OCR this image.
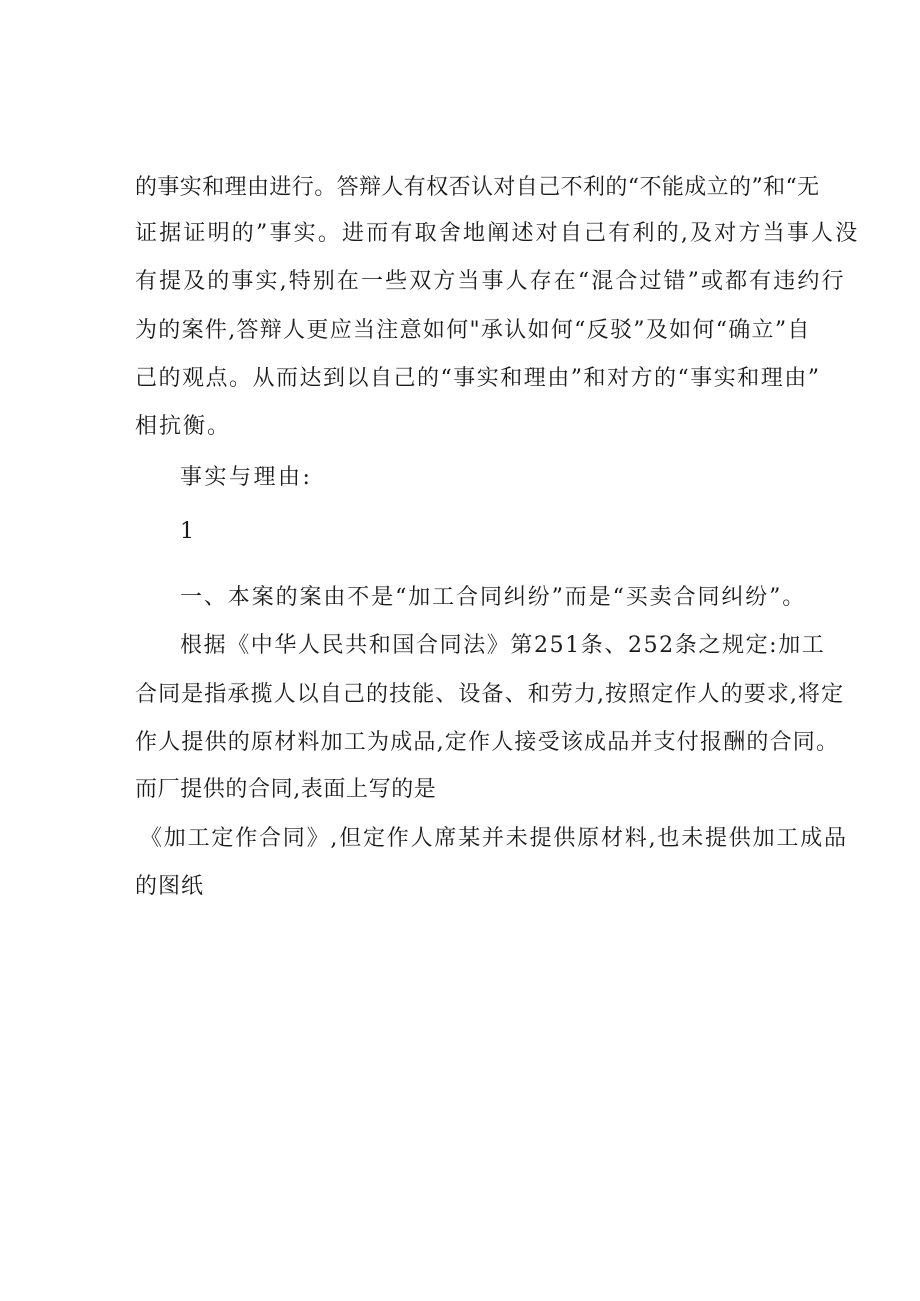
的事实和理由进行。答辩人有权否认对自己不利的“不能成立的”和“无
证据证明的”事实。进而有取舍地阐述对自己有利的,及对方当事人没
有提及的事实,特别在一些双方当事人存在“混合过错”或都有违约行
为的案件,答辩人更应当注意如何"承认如何“反驳”及如何“确立”自
己的观点。从而达到以自己的“事实和理由”和对方的“事实和理由”
相抗衡。
事实与理由:
1
一、本案的案由不是“加工合同纠纷”而是“买卖合同纠纷”。
根据《中华人民共和国合同法》第251条、252条之规定:加工
合同是指承揽人以自己的技能、设备、和劳力,按照定作人的要求,将定
作人提供的原材料加工为成品,定作人接受该成品并支付报酬的合同。
而厂提供的合同,表面上写的是
《加工定作合同》,但定作人席某并未提供原材料,也未提供加工成品
的图纸
